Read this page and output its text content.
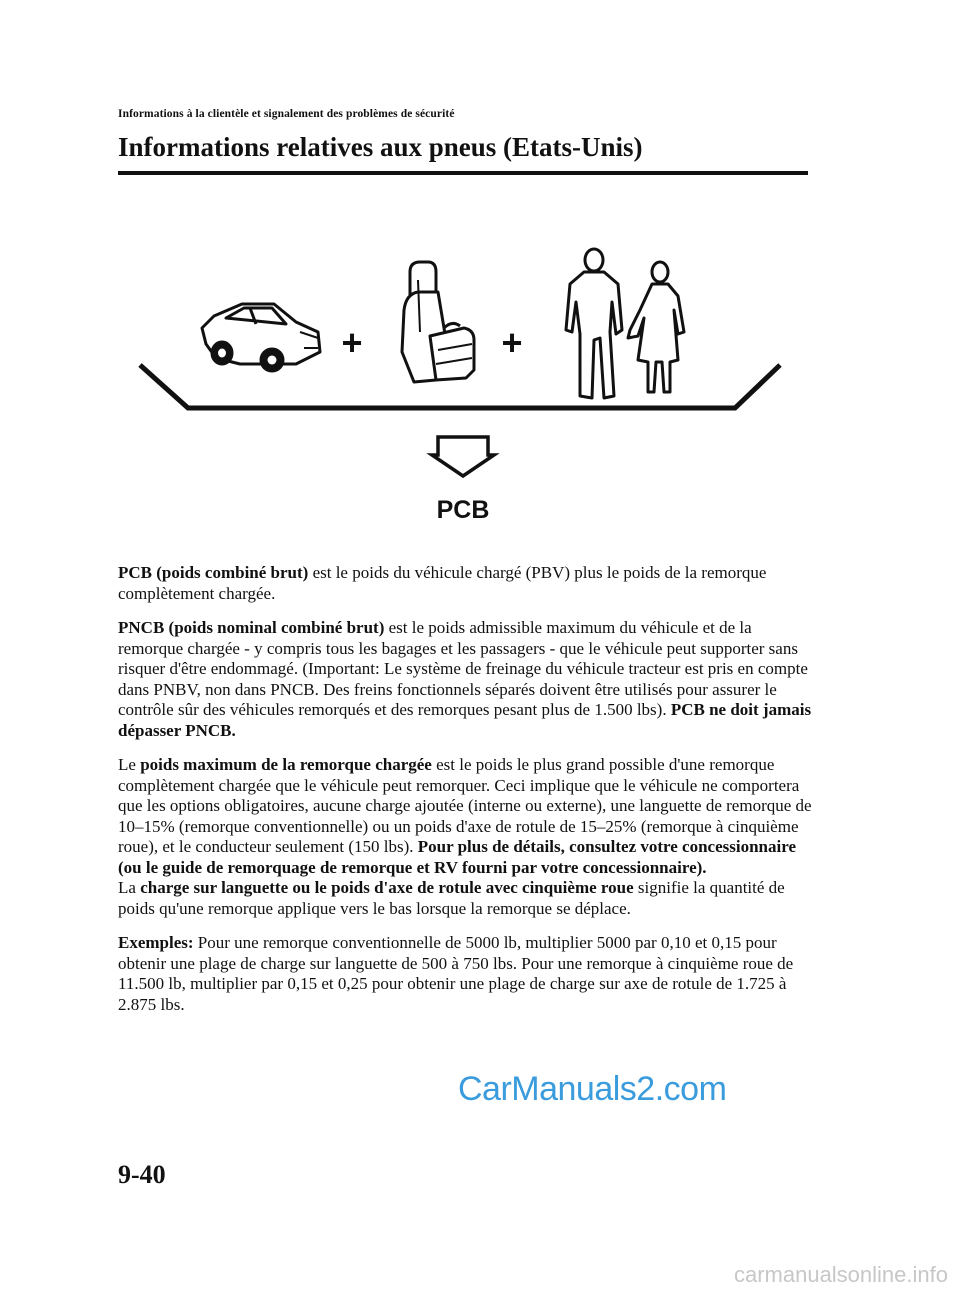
Informations à la clientèle et signalement des problèmes de sécurité
Informations relatives aux pneus (Etats-Unis)
+	+
PCB

PCB (poids combiné brut) est le poids du véhicule chargé (PBV) plus le poids de la remorque complètement chargée.

PNCB (poids nominal combiné brut) est le poids admissible maximum du véhicule et de la remorque chargée - y compris tous les bagages et les passagers - que le véhicule peut supporter sans risquer d'être endommagé. (Important: Le système de freinage du véhicule tracteur est pris en compte dans PNBV, non dans PNCB. Des freins fonctionnels séparés doivent être utilisés pour assurer le contrôle sûr des véhicules remorqués et des remorques pesant plus de 1.500 lbs). PCB ne doit jamais dépasser PNCB.

Le poids maximum de la remorque chargée est le poids le plus grand possible d'une remorque complètement chargée que le véhicule peut remorquer. Ceci implique que le véhicule ne comportera que les options obligatoires, aucune charge ajoutée (interne ou externe), une languette de remorque de 10–15% (remorque conventionnelle) ou un poids d'axe de rotule de 15–25% (remorque à cinquième roue), et le conducteur seulement (150 lbs). Pour plus de détails, consultez votre concessionnaire (ou le guide de remorquage de remorque et RV fourni par votre concessionnaire).

La charge sur languette ou le poids d'axe de rotule avec cinquième roue signifie la quantité de poids qu'une remorque applique vers le bas lorsque la remorque se déplace.

Exemples: Pour une remorque conventionnelle de 5000 lb, multiplier 5000 par 0,10 et 0,15 pour obtenir une plage de charge sur languette de 500 à 750 lbs. Pour une remorque à cinquième roue de 11.500 lb, multiplier par 0,15 et 0,25 pour obtenir une plage de charge sur axe de rotule de 1.725 à 2.875 lbs.

CarManuals2.com
9-40
carmanualsonline.info
